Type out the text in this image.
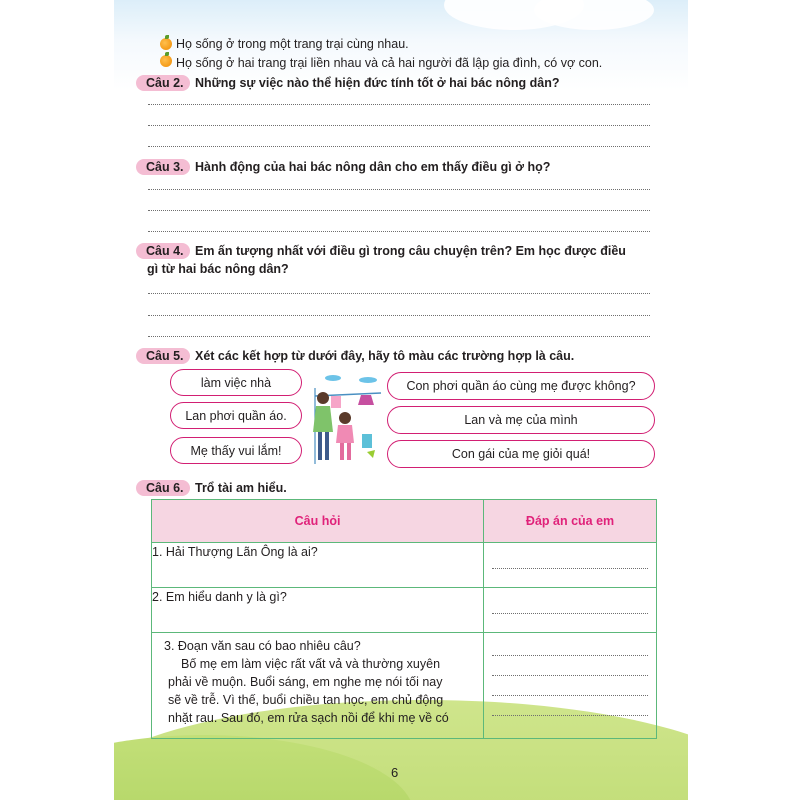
Họ sống ở trong một trang trại cùng nhau.
Họ sống ở hai trang trại liền nhau và cả hai người đã lập gia đình, có vợ con.
Câu 2. Những sự việc nào thể hiện đức tính tốt ở hai bác nông dân?
Câu 3. Hành động của hai bác nông dân cho em thấy điều gì ở họ?
Câu 4. Em ấn tượng nhất với điều gì trong câu chuyện trên? Em học được điều
gì từ hai bác nông dân?
Câu 5. Xét các kết hợp từ dưới đây, hãy tô màu các trường hợp là câu.
làm việc nhà
Lan phơi quần áo.
Mẹ thấy vui lắm!
Con phơi quần áo cùng mẹ được không?
Lan và mẹ của mình
Con gái của mẹ giỏi quá!
Câu 6. Trổ tài am hiểu.
Câu hỏi	Đáp án của em
1. Hải Thượng Lãn Ông là ai?	

2. Em hiểu danh y là gì?	

3. Đoạn văn sau có bao nhiêu câu?
Bố mẹ em làm việc rất vất vả và thường xuyên
phải về muộn. Buổi sáng, em nghe mẹ nói tối nay
sẽ về trễ. Vì thế, buổi chiều tan học, em chủ động
nhặt rau. Sau đó, em rửa sạch nồi để khi mẹ về có	

6
